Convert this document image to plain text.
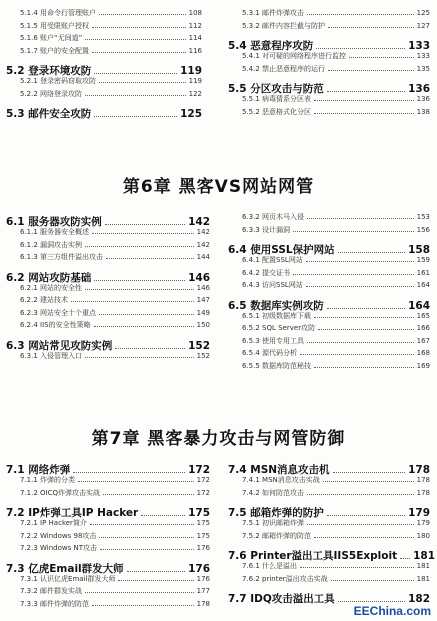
5.1.4 用命令行管理账户	108
5.1.5 用受限账户授权	112
5.1.6 账户“无间道”	114
5.1.7 账户的安全配置	116
5.2 登录环境攻防	119
5.2.1 登录密码窃取攻防	119
5.2.2 网络登录攻防	122
5.3 邮件安全攻防	125
5.3.1 邮件炸弹攻击	125
5.3.2 邮件内容拦截与防护	127
5.4 恶意程序攻防	133
5.4.1 对可疑的网络程序进行监控	133
5.4.2 禁止恶意程序的运行	135
5.5 分区攻击与防范	136
5.5.1 病毒猜系分区表	136
5.5.2 恶意格式化分区	138
第6章 黑客VS网站网管
6.1 服务器攻防实例	142
6.1.1 服务器安全概述	142
6.1.2 漏洞攻击实例	142
6.1.3 第三方组件溢出攻击	144
6.2 网站攻防基础	146
6.2.1 网站的安全性	146
6.2.2 建站技术	147
6.2.3 网站安全十个重点	149
6.2.4 IIS的安全性策略	150
6.3 网站常见攻防实例	152
6.3.1 入侵管理入口	152
6.3.2 网页木马入侵	153
6.3.3 设计漏洞	156
6.4 使用SSL保护网站	158
6.4.1 配置SSL网站	159
6.4.2 提交证书	161
6.4.3 访问SSL网站	164
6.5 数据库实例攻防	164
6.5.1 初级数据库下载	165
6.5.2 SQL Server攻防	166
6.5.3 使用专用工具	167
6.5.4 源代码分析	168
6.5.5 数据库防范秘技	169
第7章 黑客暴力攻击与网管防御
7.1 网络炸弹	172
7.1.1 炸弹的分类	172
7.1.2 OICQ炸弹攻击实战	172
7.2 IP炸弹工具IP Hacker	175
7.2.1 IP Hacker简介	175
7.2.2 Windows 98攻击	175
7.2.3 Windows NT攻击	176
7.3 亿虎Email群发大师	176
7.3.1 认识亿虎Email群发大师	176
7.3.2 邮件群发实战	177
7.3.3 邮件炸弹的防范	178
7.4 MSN消息攻击机	178
7.4.1 MSN消息攻击实战	178
7.4.2 如何防范攻击	178
7.5 邮箱炸弹的防护	179
7.5.1 初识邮箱炸弹	179
7.5.2 邮箱炸弹的防范	180
7.6 Printer溢出工具IIS5Exploit 181
7.6.1 什么是溢出	181
7.6.2 printer溢出攻击实战	181
7.7 IDQ攻击溢出工具	182
EEChina.com
